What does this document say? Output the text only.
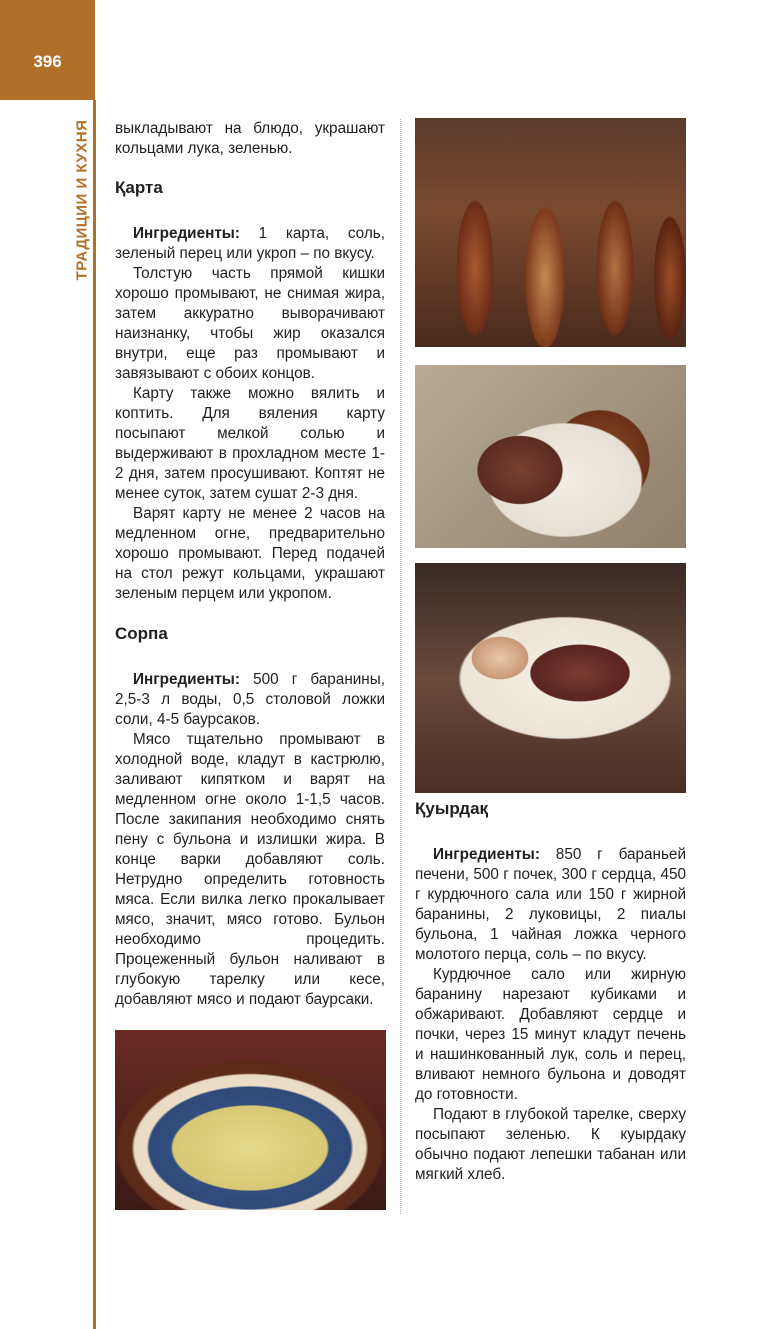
396
ТРАДИЦИИ И КУХНЯ выкладывают на блюдо, украшают кольцами лука, зеленью.

Қарта

Ингредиенты: 1 карта, соль, зеленый перец или укроп – по вкусу.

Толстую часть прямой кишки хорошо промывают, не снимая жира, затем аккуратно выворачивают наизнанку, чтобы жир оказался внутри, еще раз промывают и завязывают с обоих концов.

Карту также можно вялить и коптить. Для вяления карту посыпают мелкой солью и выдерживают в прохладном месте 1-2 дня, затем просушивают. Коптят не менее суток, затем сушат 2-3 дня.

Варят карту не менее 2 часов на медленном огне, предварительно хорошо промывают. Перед подачей на стол режут кольцами, украшают зеленым перцем или укропом.

Сорпа

Ингредиенты: 500 г баранины, 2,5-3 л воды, 0,5 столовой ложки соли, 4-5 баурсаков.

Мясо тщательно промывают в холодной воде, кладут в кастрюлю, заливают кипятком и варят на медленном огне около 1-1,5 часов. После закипания необходимо снять пену с бульона и излишки жира. В конце варки добавляют соль. Нетрудно определить готовность мяса. Если вилка легко прокалывает мясо, значит, мясо готово. Бульон необходимо процедить. Процеженный бульон наливают в глубокую тарелку или кесе, добавляют мясо и подают баурсаки.

Қуырдақ

Ингредиенты: 850 г бараньей печени, 500 г почек, 300 г сердца, 450 г курдючного сала или 150 г жирной баранины, 2 луковицы, 2 пиалы бульона, 1 чайная ложка черного молотого перца, соль – по вкусу.

Курдючное сало или жирную баранину нарезают кубиками и обжаривают. Добавляют сердце и почки, через 15 минут кладут печень и нашинкованный лук, соль и перец, вливают немного бульона и доводят до готовности.

Подают в глубокой тарелке, сверху посыпают зеленью. К куырдаку обычно подают лепешки табанан или мягкий хлеб.
